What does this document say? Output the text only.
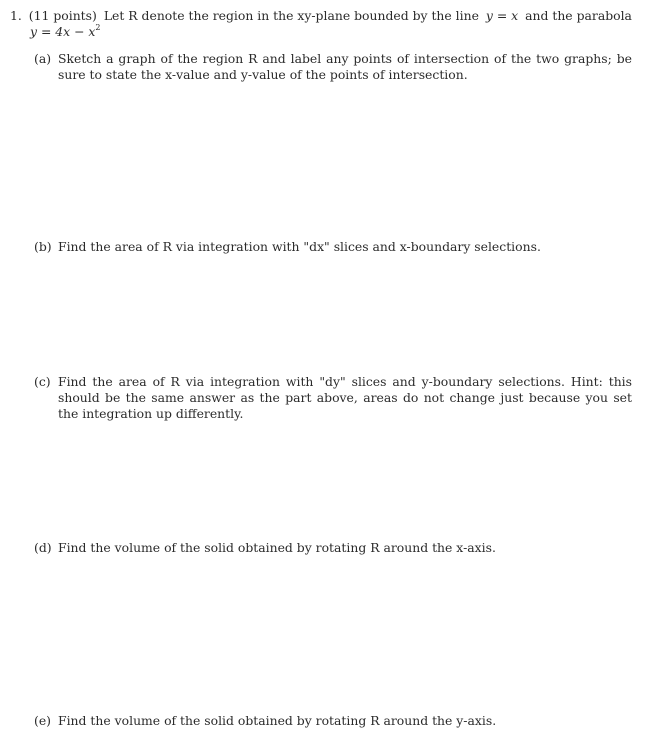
1. (11 points) Let R denote the region in the xy-plane bounded by the line y = x and the parabola
$y = 4x - x^2$
(a) Sketch a graph of the region R and label any points of intersection of the two graphs; be sure to state the x-value and y-value of the points of intersection.
(b) Find the area of R via integration with "dx" slices and x-boundary selections.
(c) Find the area of R via integration with "dy" slices and y-boundary selections. Hint: this should be the same answer as the part above, areas do not change just because you set the integration up differently.
(d) Find the volume of the solid obtained by rotating R around the x-axis.
(e) Find the volume of the solid obtained by rotating R around the y-axis.
